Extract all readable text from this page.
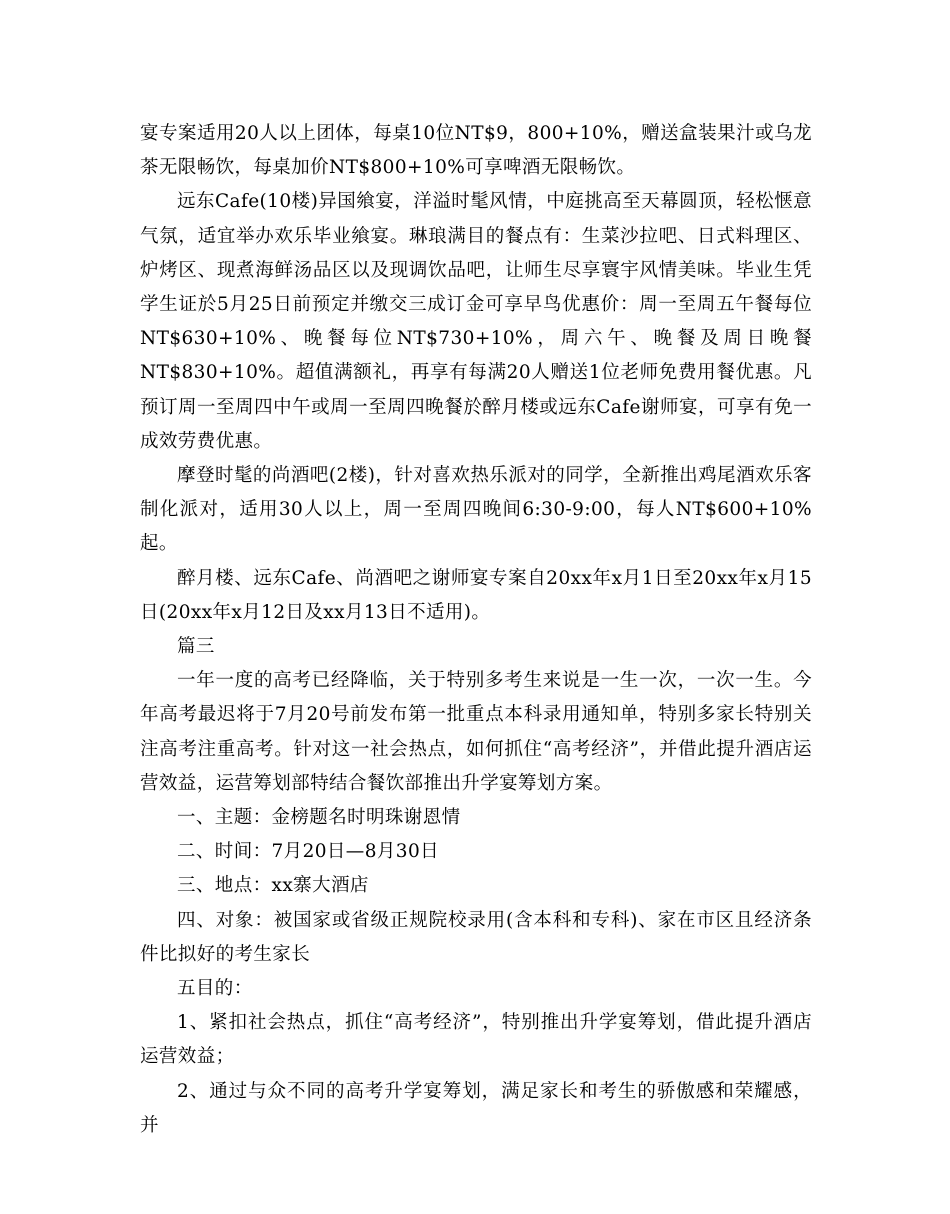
宴专案适用20人以上团体，每桌10位NT$9，800+10%，赠送盒装果汁或乌龙茶无限畅饮，每桌加价NT$800+10%可享啤酒无限畅饮。

远东Cafe(10楼)异国飨宴，洋溢时髦风情，中庭挑高至天幕圆顶，轻松惬意气氛，适宜举办欢乐毕业飨宴。琳琅满目的餐点有：生菜沙拉吧、日式料理区、炉烤区、现煮海鲜汤品区以及现调饮品吧，让师生尽享寰宇风情美味。毕业生凭学生证於5月25日前预定并缴交三成订金可享早鸟优惠价：周一至周五午餐每位NT$630+10%、晚餐每位NT$730+10%，周六午、晚餐及周日晚餐NT$830+10%。超值满额礼，再享有每满20人赠送1位老师免费用餐优惠。凡预订周一至周四中午或周一至周四晚餐於醉月楼或远东Cafe谢师宴，可享有免一成效劳费优惠。

摩登时髦的尚酒吧(2楼)，针对喜欢热乐派对的同学，全新推出鸡尾酒欢乐客制化派对，适用30人以上，周一至周四晚间6:30-9:00，每人NT$600+10%起。

醉月楼、远东Cafe、尚酒吧之谢师宴专案自20xx年x月1日至20xx年x月15日(20xx年x月12日及xx月13日不适用)。

篇三

一年一度的高考已经降临，关于特别多考生来说是一生一次，一次一生。今年高考最迟将于7月20号前发布第一批重点本科录用通知单，特别多家长特别关注高考注重高考。针对这一社会热点，如何抓住“高考经济”，并借此提升酒店运营效益，运营筹划部特结合餐饮部推出升学宴筹划方案。

一、主题：金榜题名时明珠谢恩情

二、时间：7月20日—8月30日

三、地点：xx寨大酒店

四、对象：被国家或省级正规院校录用(含本科和专科)、家在市区且经济条件比拟好的考生家长

五目的：

1、紧扣社会热点，抓住“高考经济”，特别推出升学宴筹划，借此提升酒店运营效益；

2、通过与众不同的高考升学宴筹划，满足家长和考生的骄傲感和荣耀感，并
